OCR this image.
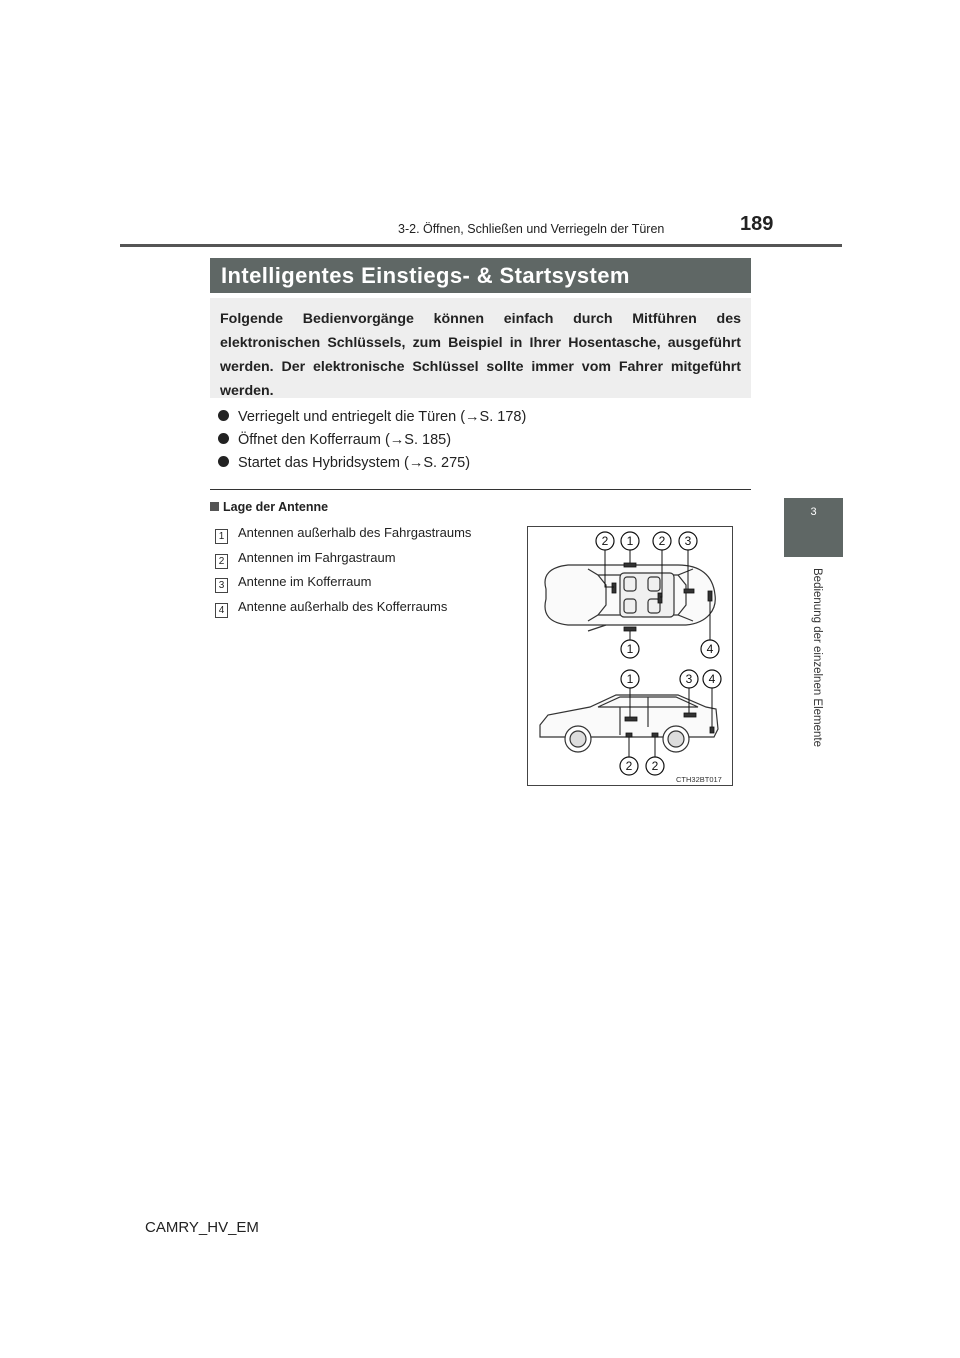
3-2. Öffnen, Schließen und Verriegeln der Türen	189
3
Bedienung der einzelnen Elemente
Intelligentes Einstiegs- & Startsystem
Folgende Bedienvorgänge können einfach durch Mitführen des elektronischen Schlüssels, zum Beispiel in Ihrer Hosentasche, ausgeführt werden. Der elektronische Schlüssel sollte immer vom Fahrer mitgeführt werden.
Verriegelt und entriegelt die Türen (→S. 178)
Öffnet den Kofferraum (→S. 185)
Startet das Hybridsystem (→S. 275)
Lage der Antenne
1 Antennen außerhalb des Fahrgastraums
2 Antennen im Fahrgastraum
3 Antenne im Kofferraum
4 Antenne außerhalb des Kofferraums
2 1 2 3
1	4
1	3 4
2 2
CTH32BT017
CAMRY_HV_EM
